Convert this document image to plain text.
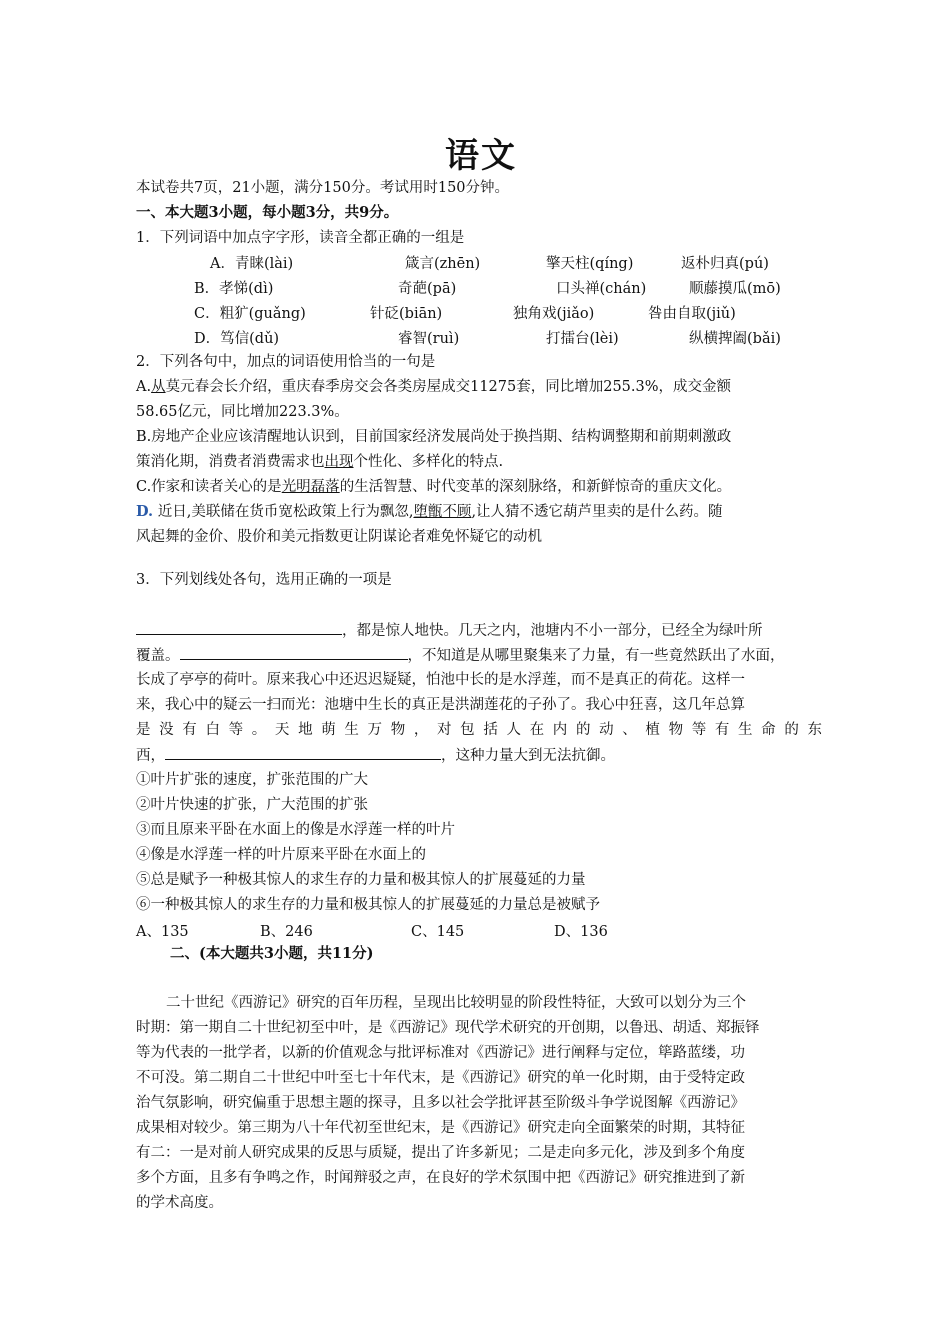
语文
本试卷共7页，21小题，满分150分。考试用时150分钟。
一、本大题3小题，每小题3分，共9分。
1．下列词语中加点字字形，读音全都正确的一组是
A．青睐(lài)	箴言(zhēn)	擎天柱(qíng)	返朴归真(pú)
B．孝悌(dì)	奇葩(pā)	口头禅(chán)	顺藤摸瓜(mō)
C．粗犷(guǎng)	针砭(biān)	独角戏(jiǎo)	咎由自取(jiǔ)
D．笃信(dǔ)	睿智(ruì)	打擂台(lèi)	纵横捭阖(bǎi)
2．下列各句中，加点的词语使用恰当的一句是
A.从莫元春会长介绍，重庆春季房交会各类房屋成交11275套，同比增加255.3%，成交金额
58.65亿元，同比增加223.3%。
B.房地产企业应该清醒地认识到，目前国家经济发展尚处于换挡期、结构调整期和前期刺激政
策消化期，消费者消费需求也出现个性化、多样化的特点.
C.作家和读者关心的是光明磊落的生活智慧、时代变革的深刻脉络，和新鲜惊奇的重庆文化。
D. 近日,美联储在货币宽松政策上行为飘忽,堕甑不顾,让人猜不透它葫芦里卖的是什么药。随
风起舞的金价、股价和美元指数更让阴谋论者难免怀疑它的动机
3．下列划线处各句，选用正确的一项是
，都是惊人地快。几天之内，池塘内不小一部分，已经全为绿叶所
覆盖。	，不知道是从哪里聚集来了力量，有一些竟然跃出了水面，
长成了亭亭的荷叶。原来我心中还迟迟疑疑，怕池中长的是水浮莲，而不是真正的荷花。这样一
来，我心中的疑云一扫而光：池塘中生长的真正是洪湖莲花的子孙了。我心中狂喜，这几年总算
是没有白等。天地萌生万物，对包括人在内的动、植物等有生命的东
西，	，这种力量大到无法抗御。
①叶片扩张的速度，扩张范围的广大
②叶片快速的扩张，广大范围的扩张
③而且原来平卧在水面上的像是水浮莲一样的叶片
④像是水浮莲一样的叶片原来平卧在水面上的
⑤总是赋予一种极其惊人的求生存的力量和极其惊人的扩展蔓延的力量
⑥一种极其惊人的求生存的力量和极其惊人的扩展蔓延的力量总是被赋予
A、135	B、246	C、145	D、136
二、(本大题共3小题，共11分)
二十世纪《西游记》研究的百年历程，呈现出比较明显的阶段性特征，大致可以划分为三个
时期：第一期自二十世纪初至中叶，是《西游记》现代学术研究的开创期，以鲁迅、胡适、郑振铎
等为代表的一批学者，以新的价值观念与批评标准对《西游记》进行阐释与定位，筚路蓝缕，功
不可没。第二期自二十世纪中叶至七十年代末，是《西游记》研究的单一化时期，由于受特定政
治气氛影响，研究偏重于思想主题的探寻，且多以社会学批评甚至阶级斗争学说图解《西游记》
成果相对较少。第三期为八十年代初至世纪末，是《西游记》研究走向全面繁荣的时期，其特征
有二：一是对前人研究成果的反思与质疑，提出了许多新见；二是走向多元化，涉及到多个角度
多个方面，且多有争鸣之作，时闻辩驳之声，在良好的学术氛围中把《西游记》研究推进到了新
的学术高度。
